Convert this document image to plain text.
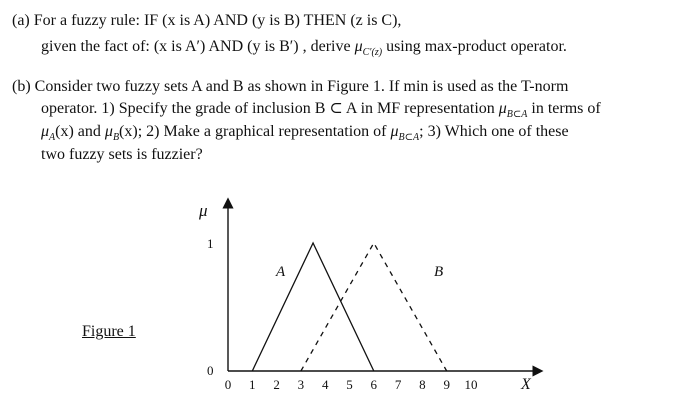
(a) For a fuzzy rule: IF (x is A) AND (y is B) THEN (z is C),
given the fact of: (x is A′) AND (y is B′) , derive $\mu_{C'(z)}$ using max-product operator.
(b) Consider two fuzzy sets A and B as shown in Figure 1. If min is used as the T-norm
operator. 1) Specify the grade of inclusion B ⊂ A in MF representation $\mu_{B\subset A}$ in terms of
$\mu_A(x)$ and $\mu_B(x)$; 2) Make a graphical representation of $\mu_{B\subset A}$; 3) Which one of these
two fuzzy sets is fuzzier?
Figure 1
μ
X
1
0
0 1 2 3 4 5 6 7 8 9 10
A	B
